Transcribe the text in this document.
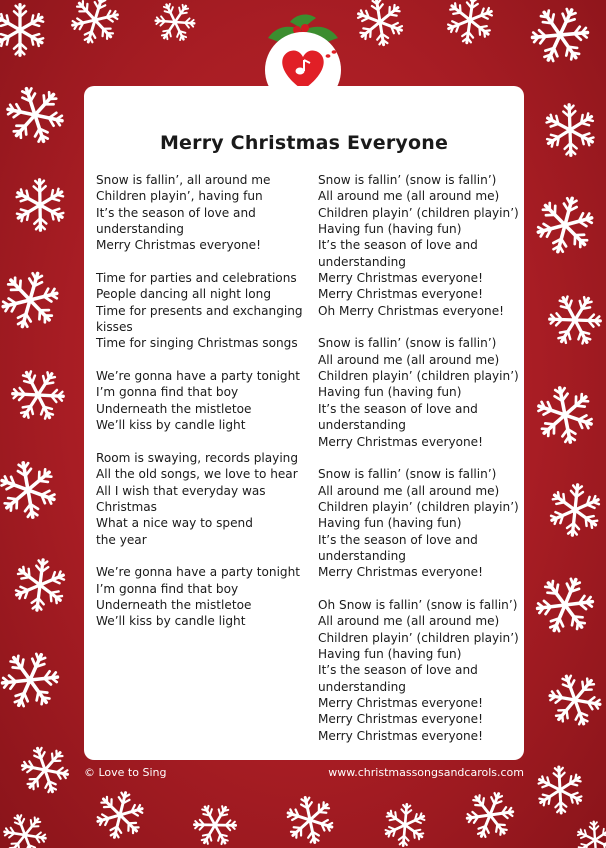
Merry Christmas Everyone
Snow is fallin’, all around me
Children playin’, having fun
It’s the season of love and
understanding
Merry Christmas everyone!
Time for parties and celebrations
People dancing all night long
Time for presents and exchanging
kisses
Time for singing Christmas songs
We’re gonna have a party tonight
I’m gonna find that boy
Underneath the mistletoe
We’ll kiss by candle light
Room is swaying, records playing
All the old songs, we love to hear
All I wish that everyday was
Christmas
What a nice way to spend
the year
We’re gonna have a party tonight
I’m gonna find that boy
Underneath the mistletoe
We’ll kiss by candle light
Snow is fallin’ (snow is fallin’)
All around me (all around me)
Children playin’ (children playin’)
Having fun (having fun)
It’s the season of love and
understanding
Merry Christmas everyone!
Merry Christmas everyone!
Oh Merry Christmas everyone!
Snow is fallin’ (snow is fallin’)
All around me (all around me)
Children playin’ (children playin’)
Having fun (having fun)
It’s the season of love and
understanding
Merry Christmas everyone!
Snow is fallin’ (snow is fallin’)
All around me (all around me)
Children playin’ (children playin’)
Having fun (having fun)
It’s the season of love and
understanding
Merry Christmas everyone!
Oh Snow is fallin’ (snow is fallin’)
All around me (all around me)
Children playin’ (children playin’)
Having fun (having fun)
It’s the season of love and
understanding
Merry Christmas everyone!
Merry Christmas everyone!
Merry Christmas everyone!
© Love to Sing	www.christmassongsandcarols.com
